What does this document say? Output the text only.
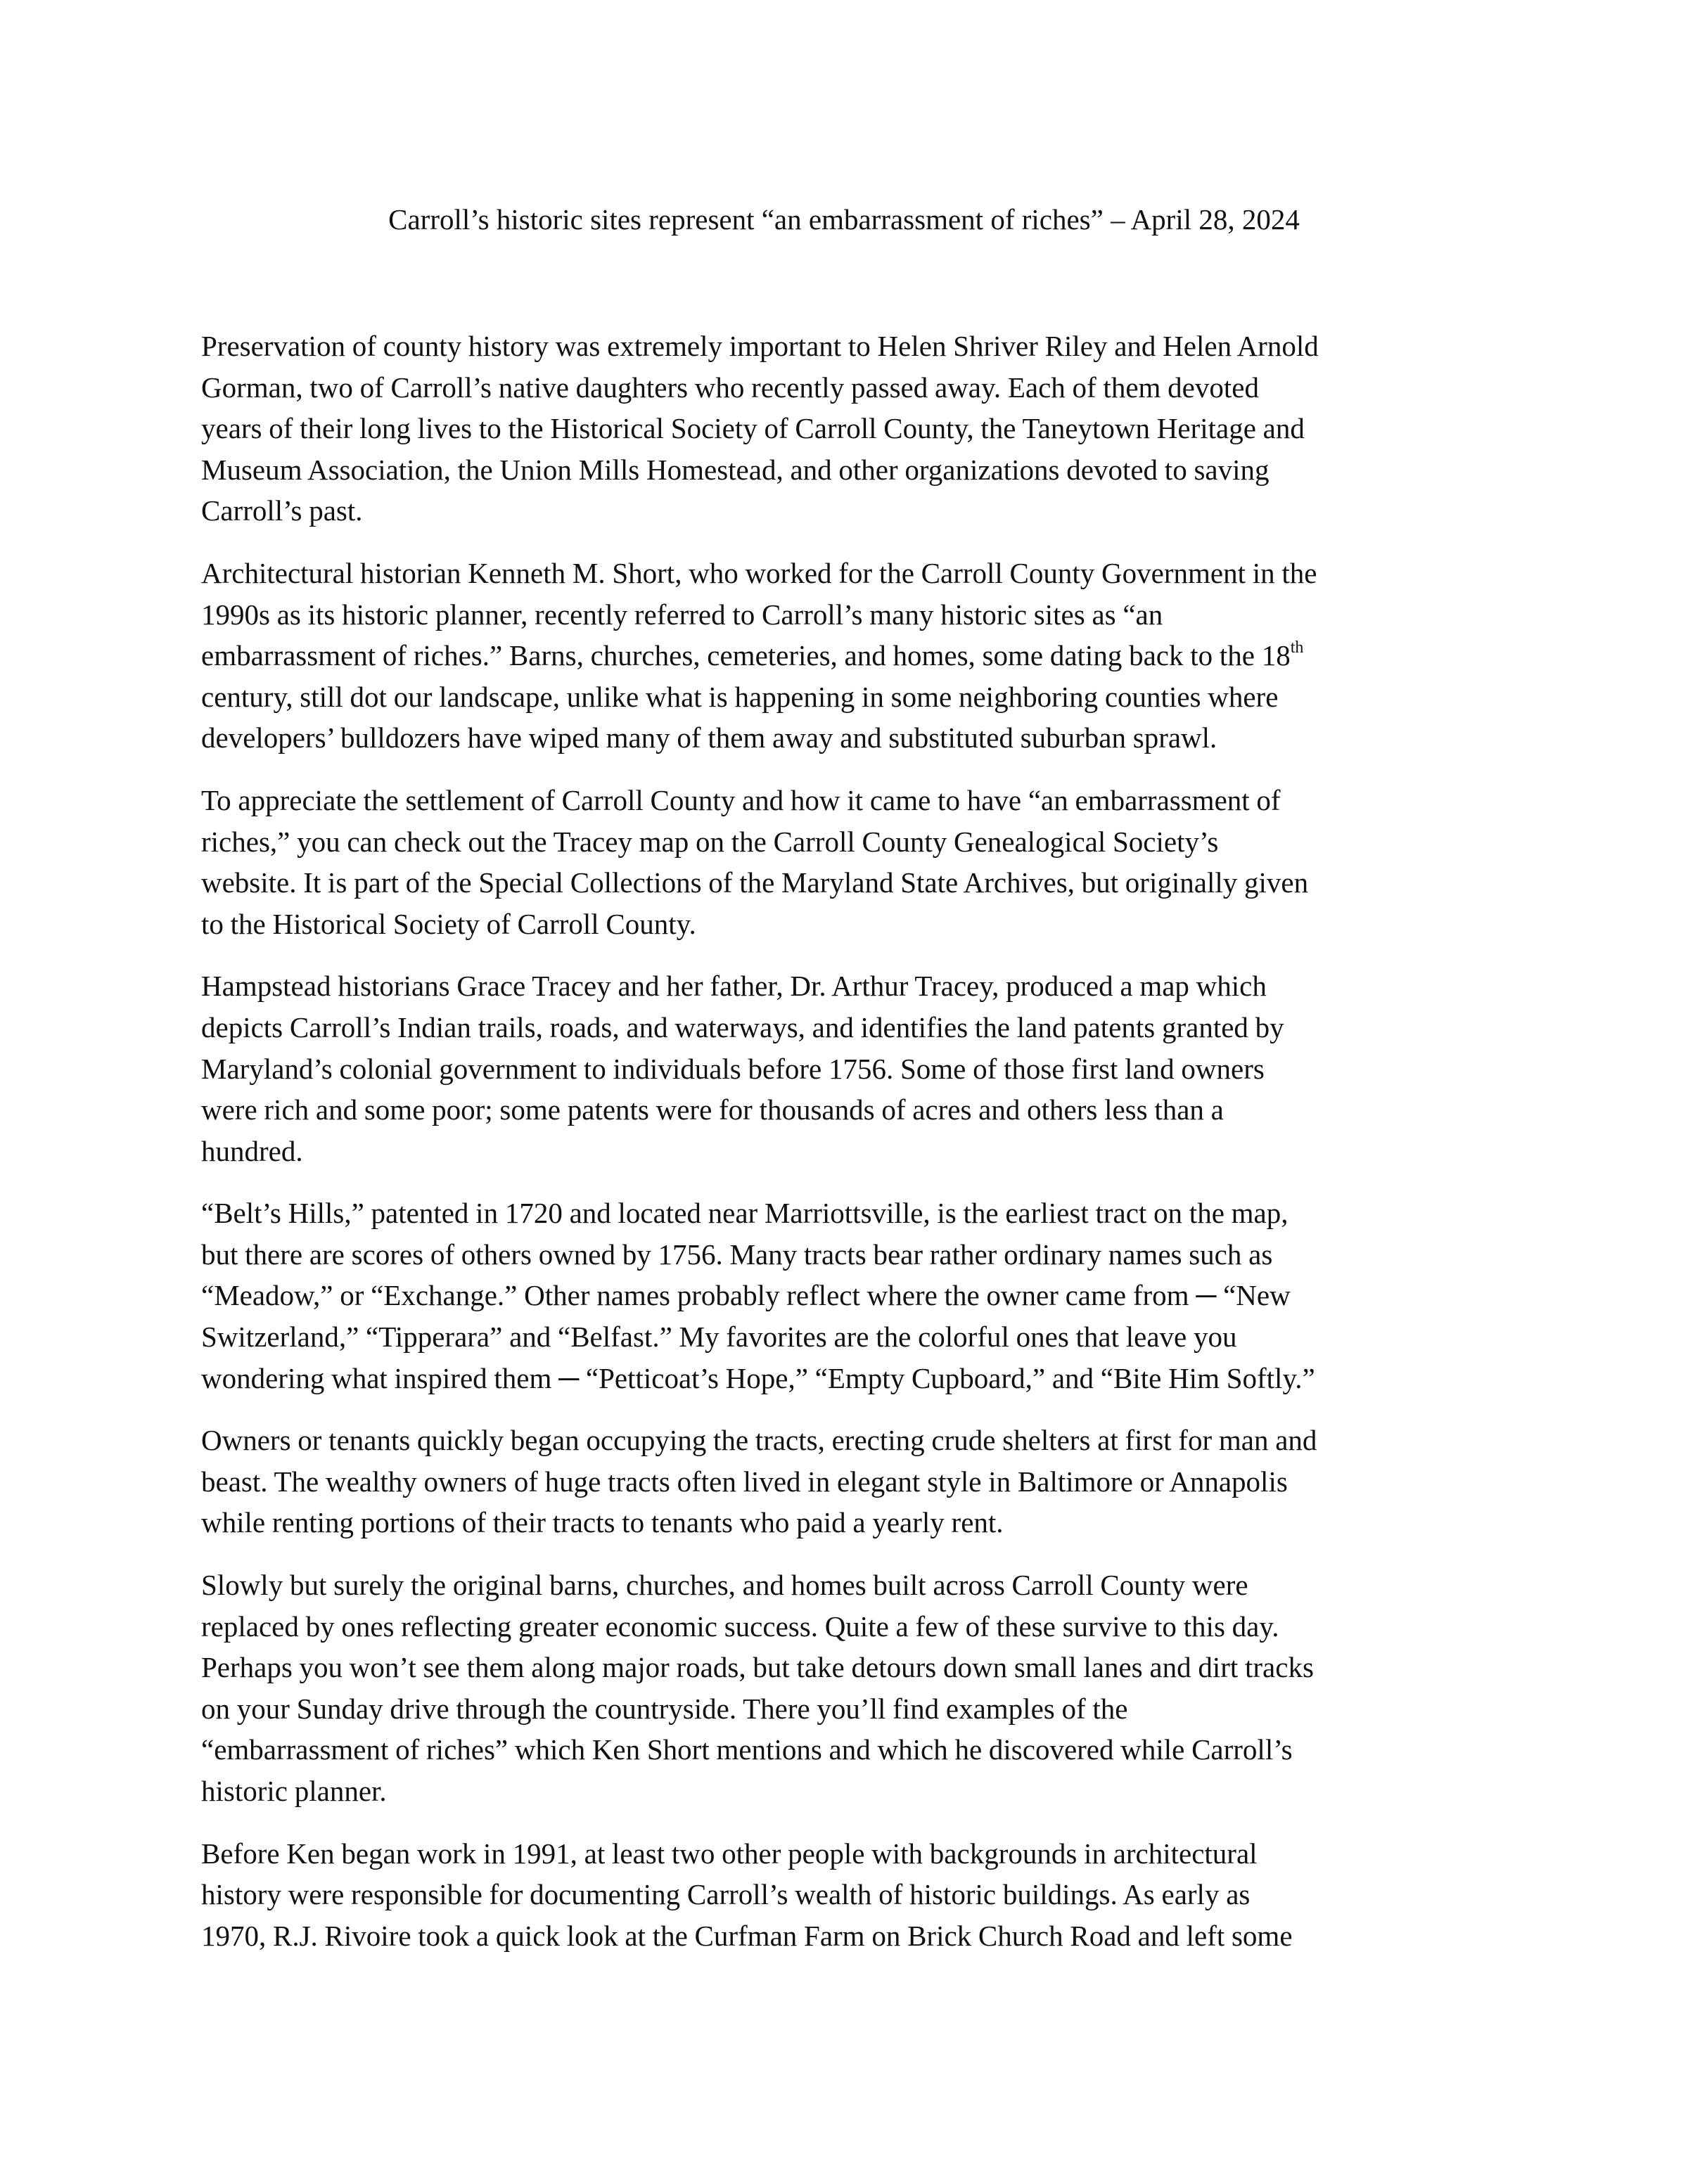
Carroll’s historic sites represent “an embarrassment of riches” – April 28, 2024

Preservation of county history was extremely important to Helen Shriver Riley and Helen Arnold
Gorman, two of Carroll’s native daughters who recently passed away. Each of them devoted
years of their long lives to the Historical Society of Carroll County, the Taneytown Heritage and
Museum Association, the Union Mills Homestead, and other organizations devoted to saving
Carroll’s past.

Architectural historian Kenneth M. Short, who worked for the Carroll County Government in the
1990s as its historic planner, recently referred to Carroll’s many historic sites as “an
embarrassment of riches.” Barns, churches, cemeteries, and homes, some dating back to the 18th
century, still dot our landscape, unlike what is happening in some neighboring counties where
developers’ bulldozers have wiped many of them away and substituted suburban sprawl.

To appreciate the settlement of Carroll County and how it came to have “an embarrassment of
riches,” you can check out the Tracey map on the Carroll County Genealogical Society’s
website. It is part of the Special Collections of the Maryland State Archives, but originally given
to the Historical Society of Carroll County.

Hampstead historians Grace Tracey and her father, Dr. Arthur Tracey, produced a map which
depicts Carroll’s Indian trails, roads, and waterways, and identifies the land patents granted by
Maryland’s colonial government to individuals before 1756. Some of those first land owners
were rich and some poor; some patents were for thousands of acres and others less than a
hundred.

“Belt’s Hills,” patented in 1720 and located near Marriottsville, is the earliest tract on the map,
but there are scores of others owned by 1756. Many tracts bear rather ordinary names such as
“Meadow,” or “Exchange.” Other names probably reflect where the owner came from ─ “New
Switzerland,” “Tipperara” and “Belfast.” My favorites are the colorful ones that leave you
wondering what inspired them ─ “Petticoat’s Hope,” “Empty Cupboard,” and “Bite Him Softly.”

Owners or tenants quickly began occupying the tracts, erecting crude shelters at first for man and
beast. The wealthy owners of huge tracts often lived in elegant style in Baltimore or Annapolis
while renting portions of their tracts to tenants who paid a yearly rent.

Slowly but surely the original barns, churches, and homes built across Carroll County were
replaced by ones reflecting greater economic success. Quite a few of these survive to this day.
Perhaps you won’t see them along major roads, but take detours down small lanes and dirt tracks
on your Sunday drive through the countryside. There you’ll find examples of the
“embarrassment of riches” which Ken Short mentions and which he discovered while Carroll’s
historic planner.

Before Ken began work in 1991, at least two other people with backgrounds in architectural
history were responsible for documenting Carroll’s wealth of historic buildings. As early as
1970, R.J. Rivoire took a quick look at the Curfman Farm on Brick Church Road and left some
